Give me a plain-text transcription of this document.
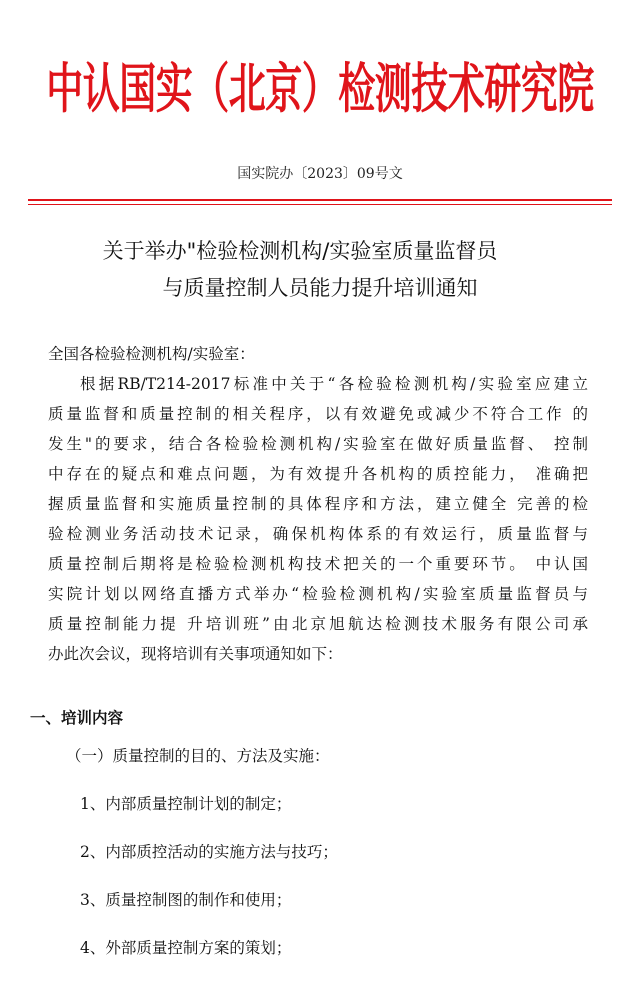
中认国实（北京）检测技术研究院
国实院办〔2023〕09号文
关于举办"检验检测机构/实验室质量监督员
与质量控制人员能力提升培训通知
全国各检验检测机构/实验室：
根据RB/T214-2017标准中关于“各检验检测机构/实验室应建立
质量监督和质量控制的相关程序，以有效避免或减少不符合工作 的
发生"的要求，结合各检验检测机构/实验室在做好质量监督、 控制
中存在的疑点和难点问题，为有效提升各机构的质控能力， 准确把
握质量监督和实施质量控制的具体程序和方法，建立健全 完善的检
验检测业务活动技术记录，确保机构体系的有效运行，质量监督与
质量控制后期将是检验检测机构技术把关的一个重要环节。 中认国
实院计划以网络直播方式举办“检验检测机构/实验室质量监督员与
质量控制能力提 升培训班”由北京旭航达检测技术服务有限公司承
办此次会议，现将培训有关事项通知如下：
一、培训内容
（一）质量控制的目的、方法及实施：
1、内部质量控制计划的制定；
2、内部质控活动的实施方法与技巧；
3、质量控制图的制作和使用；
4、外部质量控制方案的策划；
